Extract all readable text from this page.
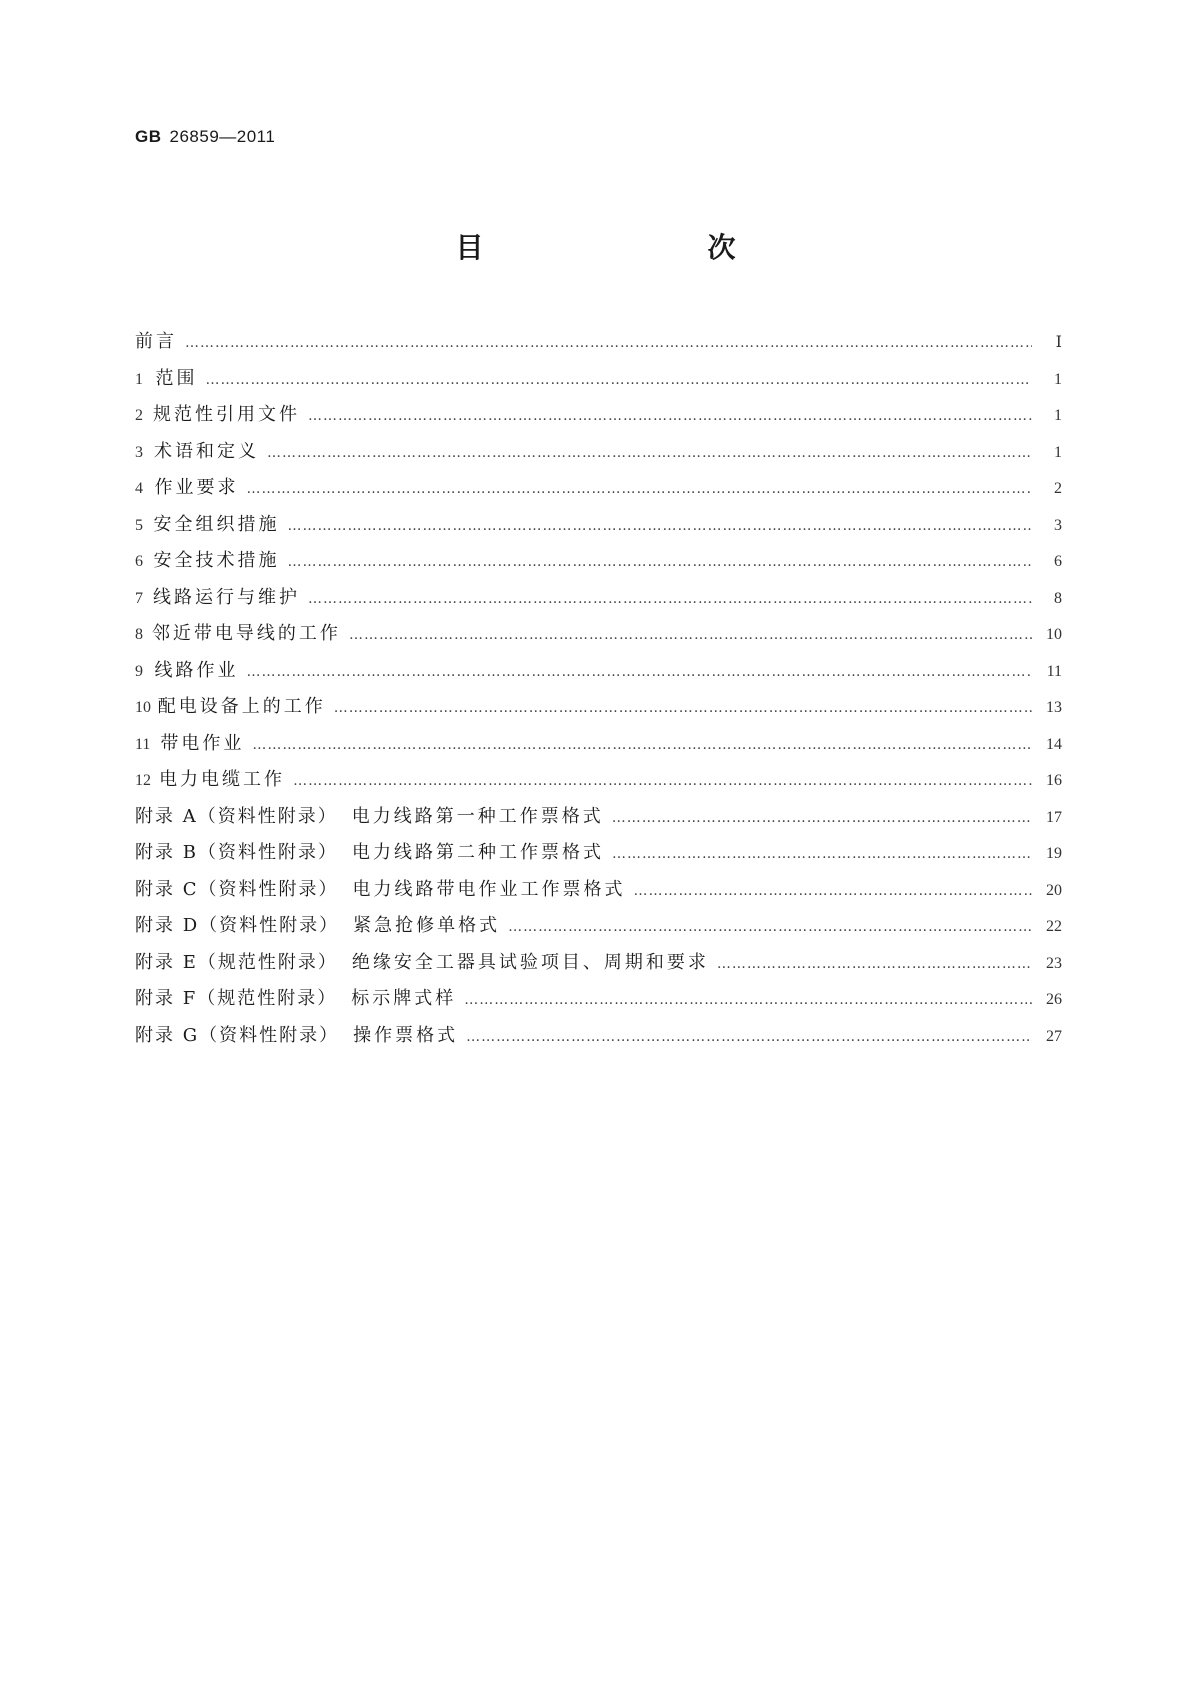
GB 26859—2011
目　　次
前言 ……………………………………………………………………………………………………………………………………………………………………………………………………………………………………	Ⅰ
1 范围 ……………………………………………………………………………………………………………………………………………………………………………………………………………………………………	1
2 规范性引用文件 ……………………………………………………………………………………………………………………………………………………………………………………………………………………………………	1
3 术语和定义 ……………………………………………………………………………………………………………………………………………………………………………………………………………………………………	1
4 作业要求 ……………………………………………………………………………………………………………………………………………………………………………………………………………………………………	2
5 安全组织措施 ……………………………………………………………………………………………………………………………………………………………………………………………………………………………………	3
6 安全技术措施 ……………………………………………………………………………………………………………………………………………………………………………………………………………………………………	6
7 线路运行与维护 ……………………………………………………………………………………………………………………………………………………………………………………………………………………………………	8
8 邻近带电导线的工作 ……………………………………………………………………………………………………………………………………………………………………………………………………………………………………	10
9 线路作业 ……………………………………………………………………………………………………………………………………………………………………………………………………………………………………	11
10 配电设备上的工作 ……………………………………………………………………………………………………………………………………………………………………………………………………………………………………	13
11 带电作业 ……………………………………………………………………………………………………………………………………………………………………………………………………………………………………	14
12 电力电缆工作 ……………………………………………………………………………………………………………………………………………………………………………………………………………………………………	16
附录 A（资料性附录） 电力线路第一种工作票格式 ……………………………………………………………………………………………………………………………………………………………………………………………………………………………………	17
附录 B（资料性附录） 电力线路第二种工作票格式 ……………………………………………………………………………………………………………………………………………………………………………………………………………………………………	19
附录 C（资料性附录） 电力线路带电作业工作票格式 ……………………………………………………………………………………………………………………………………………………………………………………………………………………………………	20
附录 D（资料性附录） 紧急抢修单格式 ……………………………………………………………………………………………………………………………………………………………………………………………………………………………………	22
附录 E（规范性附录） 绝缘安全工器具试验项目、周期和要求 ……………………………………………………………………………………………………………………………………………………………………………………………………………………………………	23
附录 F（规范性附录） 标示牌式样 ……………………………………………………………………………………………………………………………………………………………………………………………………………………………………	26
附录 G（资料性附录） 操作票格式 ……………………………………………………………………………………………………………………………………………………………………………………………………………………………………	27
